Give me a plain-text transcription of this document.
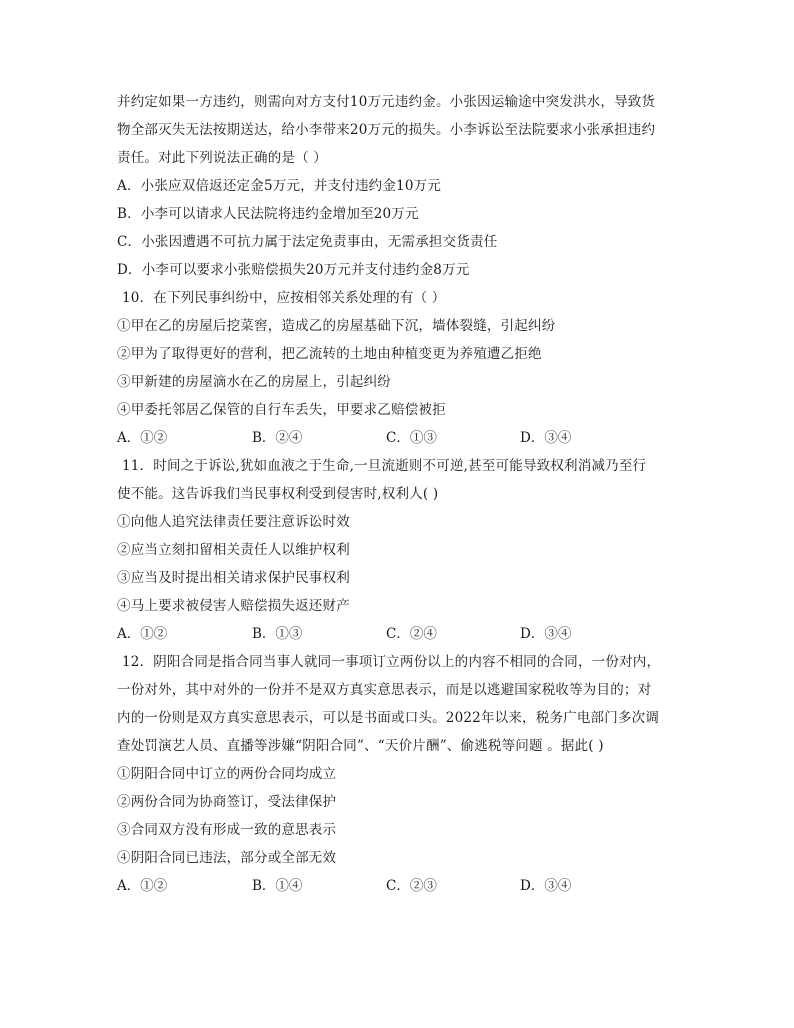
并约定如果一方违约，则需向对方支付10万元违约金。小张因运输途中突发洪水，导致货
物全部灭失无法按期送达，给小李带来20万元的损失。小李诉讼至法院要求小张承担违约
责任。对此下列说法正确的是（ ）
A．小张应双倍返还定金5万元，并支付违约金10万元
B．小李可以请求人民法院将违约金增加至20万元
C．小张因遭遇不可抗力属于法定免责事由，无需承担交货责任
D．小李可以要求小张赔偿损失20万元并支付违约金8万元
10．在下列民事纠纷中，应按相邻关系处理的有（ ）
①甲在乙的房屋后挖菜窖，造成乙的房屋基础下沉，墙体裂缝，引起纠纷
②甲为了取得更好的营利，把乙流转的土地由种植变更为养殖遭乙拒绝
③甲新建的房屋滴水在乙的房屋上，引起纠纷
④甲委托邻居乙保管的自行车丢失，甲要求乙赔偿被拒
A．①②	B．②④	C．①③	D．③④
11．时间之于诉讼,犹如血液之于生命,一旦流逝则不可逆,甚至可能导致权利消减乃至行
使不能。这告诉我们当民事权利受到侵害时,权利人( )
①向他人追究法律责任要注意诉讼时效
②应当立刻扣留相关责任人以维护权利
③应当及时提出相关请求保护民事权利
④马上要求被侵害人赔偿损失返还财产
A．①②	B．①③	C．②④	D．③④
12．阴阳合同是指合同当事人就同一事项订立两份以上的内容不相同的合同，一份对内，
一份对外，其中对外的一份并不是双方真实意思表示，而是以逃避国家税收等为目的；对
内的一份则是双方真实意思表示，可以是书面或口头。2022年以来，税务广电部门多次调
查处罚演艺人员、直播等涉嫌“阴阳合同”、“天价片酬”、偷逃税等问题 。据此( )
①阴阳合同中订立的两份合同均成立
②两份合同为协商签订，受法律保护
③合同双方没有形成一致的意思表示
④阴阳合同已违法，部分或全部无效
A．①②	B．①④	C．②③	D．③④
